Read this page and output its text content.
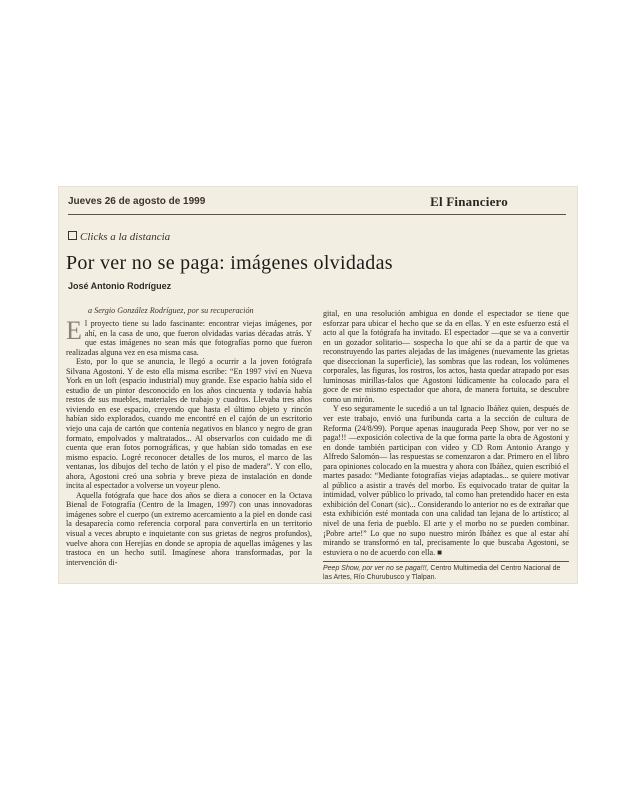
Jueves 26 de agosto de 1999	El Financiero
Clicks a la distancia
Por ver no se paga: imágenes olvidadas
José Antonio Rodríguez
a Sergio González Rodríguez, por su recuperación

El proyecto tiene su lado fascinante: encontrar viejas imágenes, por ahí, en la casa de uno, que fueron olvidadas varias décadas atrás. Y que estas imágenes no sean más que fotografías porno que fueron realizadas alguna vez en esa misma casa.

Esto, por lo que se anuncia, le llegó a ocurrir a la joven fotógrafa Silvana Agostoni. Y de esto ella misma escribe: “En 1997 viví en Nueva York en un loft (espacio industrial) muy grande. Ese espacio había sido el estudio de un pintor desconocido en los años cincuenta y todavía había restos de sus muebles, materiales de trabajo y cuadros. Llevaba tres años viviendo en ese espacio, creyendo que hasta el último objeto y rincón habían sido explorados, cuando me encontré en el cajón de un escritorio viejo una caja de cartón que contenía negativos en blanco y negro de gran formato, empolvados y maltratados... Al observarlos con cuidado me di cuenta que eran fotos pornográficas, y que habían sido tomadas en ese mismo espacio. Logré reconocer detalles de los muros, el marco de las ventanas, los dibujos del techo de latón y el piso de madera”. Y con ello, ahora, Agostoni creó una sobria y breve pieza de instalación en donde incita al espectador a volverse un voyeur pleno.

Aquella fotógrafa que hace dos años se diera a conocer en la Octava Bienal de Fotografía (Centro de la Imagen, 1997) con unas innovadoras imágenes sobre el cuerpo (un extremo acercamiento a la piel en donde casi la desaparecía como referencia corporal para convertirla en un territorio visual a veces abrupto e inquietante con sus grietas de negros profundos), vuelve ahora con Herejías en donde se apropia de aquellas imágenes y las trastoca en un hecho sutil. Imagínese ahora transformadas, por la intervención di-

gital, en una resolución ambigua en donde el espectador se tiene que esforzar para ubicar el hecho que se da en ellas. Y en este esfuerzo está el acto al que la fotógrafa ha invitado. El espectador —que se va a convertir en un gozador solitario— sospecha lo que ahí se da a partir de que va reconstruyendo las partes alejadas de las imágenes (nuevamente las grietas que diseccionan la superficie), las sombras que las rodean, los volúmenes corporales, las figuras, los rostros, los actos, hasta quedar atrapado por esas luminosas mirillas-falos que Agostoni lúdicamente ha colocado para el goce de ese mismo espectador que ahora, de manera fortuita, se descubre como un mirón.

Y eso seguramente le sucedió a un tal Ignacio Ibáñez quien, después de ver este trabajo, envió una furibunda carta a la sección de cultura de Reforma (24/8/99). Porque apenas inaugurada Peep Show, por ver no se paga!!! —exposición colectiva de la que forma parte la obra de Agostoni y en donde también participan con video y CD Rom Antonio Arango y Alfredo Salomón— las respuestas se comenzaron a dar. Primero en el libro para opiniones colocado en la muestra y ahora con Ibáñez, quien escribió el martes pasado: “Mediante fotografías viejas adaptadas... se quiere motivar al público a asistir a través del morbo. Es equivocado tratar de quitar la intimidad, volver público lo privado, tal como han pretendido hacer en esta exhibición del Conart (sic)... Considerando lo anterior no es de extrañar que esta exhibición esté montada con una calidad tan lejana de lo artístico; al nivel de una feria de pueblo. El arte y el morbo no se pueden combinar. ¡Pobre arte!” Lo que no supo nuestro mirón Ibáñez es que al estar ahí mirando se transformó en tal, precisamente lo que buscaba Agostoni, se estuviera o no de acuerdo con ella. ■

Peep Show, por ver no se paga!!!, Centro Multimedia del Centro Nacional de las Artes, Río Churubusco y Tlalpan.
